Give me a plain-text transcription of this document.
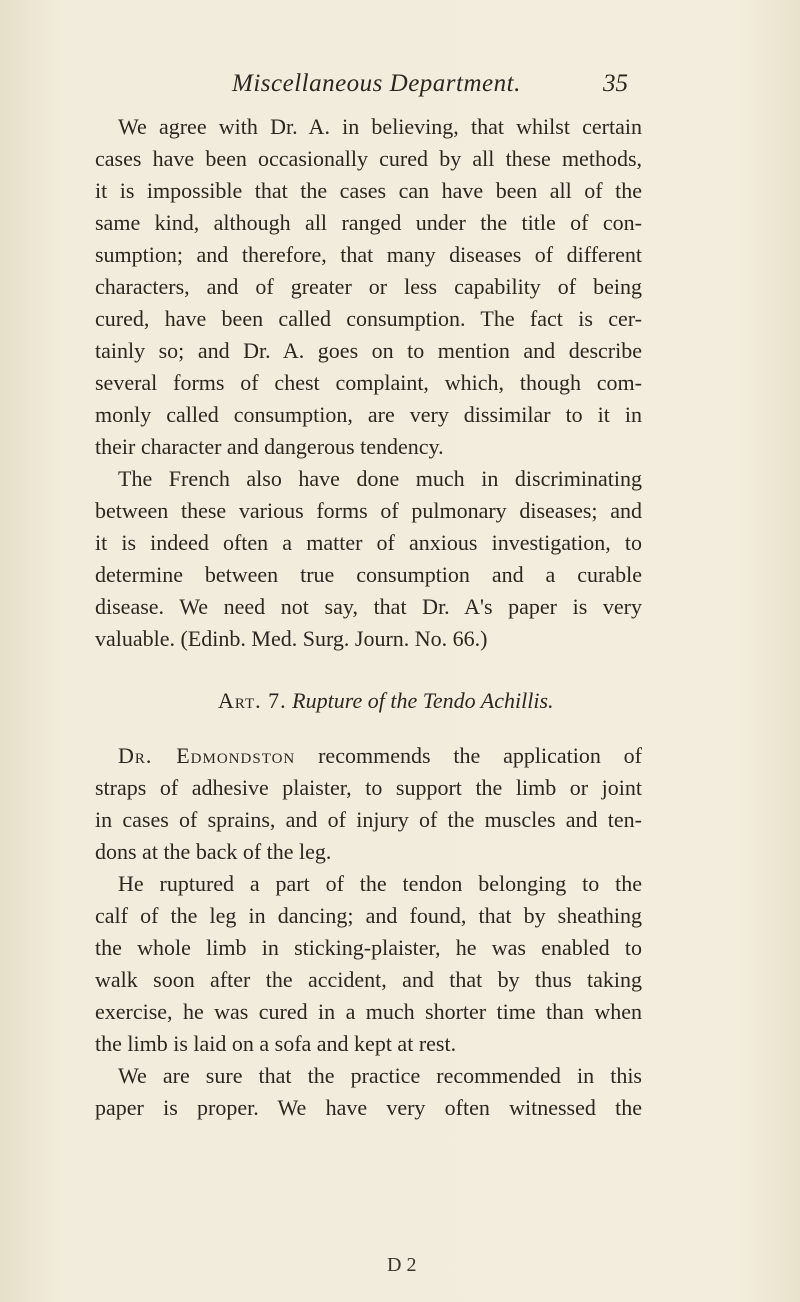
Miscellaneous Department.	35
We agree with Dr. A. in believing, that whilst certain
cases have been occasionally cured by all these methods,
it is impossible that the cases can have been all of the
same kind, although all ranged under the title of con-
sumption; and therefore, that many diseases of different
characters, and of greater or less capability of being
cured, have been called consumption. The fact is cer-
tainly so; and Dr. A. goes on to mention and describe
several forms of chest complaint, which, though com-
monly called consumption, are very dissimilar to it in
their character and dangerous tendency.
The French also have done much in discriminating
between these various forms of pulmonary diseases; and
it is indeed often a matter of anxious investigation, to
determine between true consumption and a curable
disease. We need not say, that Dr. A's paper is very
valuable. (Edinb. Med. Surg. Journ. No. 66.)
Art. 7. Rupture of the Tendo Achillis.
Dr. Edmondston recommends the application of
straps of adhesive plaister, to support the limb or joint
in cases of sprains, and of injury of the muscles and ten-
dons at the back of the leg.
He ruptured a part of the tendon belonging to the
calf of the leg in dancing; and found, that by sheathing
the whole limb in sticking-plaister, he was enabled to
walk soon after the accident, and that by thus taking
exercise, he was cured in a much shorter time than when
the limb is laid on a sofa and kept at rest.
We are sure that the practice recommended in this
paper is proper. We have very often witnessed the
D 2
